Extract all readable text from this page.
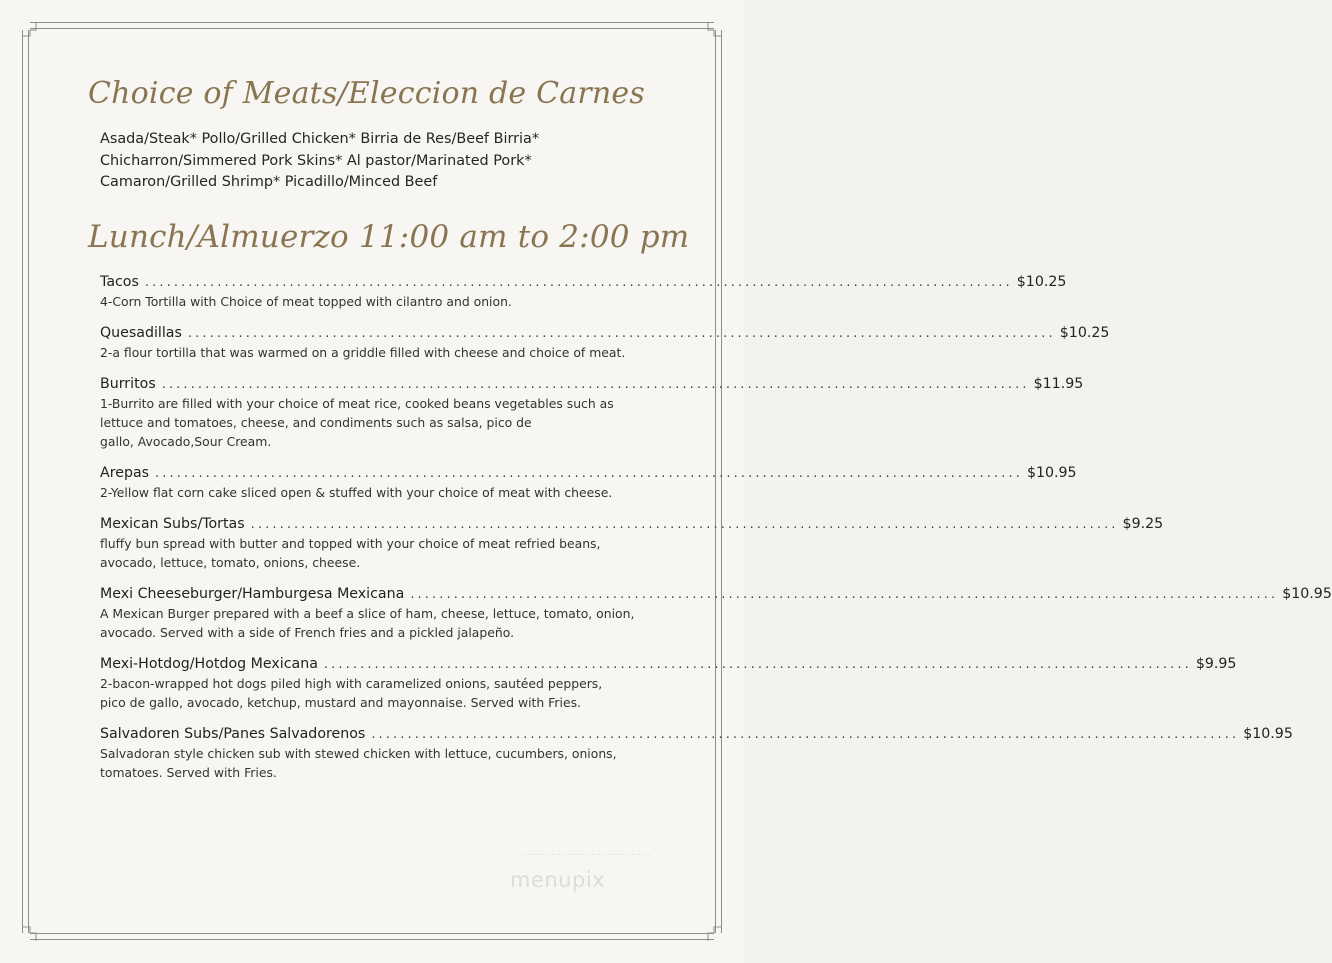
Choice of Meats/Eleccion de Carnes
Asada/Steak* Pollo/Grilled Chicken* Birria de Res/Beef Birria*
Chicharron/Simmered Pork Skins* Al pastor/Marinated Pork*
Camaron/Grilled Shrimp* Picadillo/Minced Beef
Lunch/Almuerzo 11:00 am to 2:00 pm
Tacos ........................................................................................................................ $10.25
4-Corn Tortilla with Choice of meat topped with cilantro and onion.
Quesadillas ........................................................................................................................ $10.25
2-a flour tortilla that was warmed on a griddle filled with cheese and choice of meat.
Burritos ........................................................................................................................ $11.95
1-Burrito are filled with your choice of meat rice, cooked beans vegetables such as
lettuce and tomatoes, cheese, and condiments such as salsa, pico de
gallo, Avocado,Sour Cream.
Arepas ........................................................................................................................ $10.95
2-Yellow flat corn cake sliced open & stuffed with your choice of meat with cheese.
Mexican Subs/Tortas ........................................................................................................................ $9.25
fluffy bun spread with butter and topped with your choice of meat refried beans,
avocado, lettuce, tomato, onions, cheese.
Mexi Cheeseburger/Hamburgesa Mexicana ........................................................................................................................ $10.95
A Mexican Burger prepared with a beef a slice of ham, cheese, lettuce, tomato, onion,
avocado. Served with a side of French fries and a pickled jalapeño.
Mexi-Hotdog/Hotdog Mexicana ........................................................................................................................ $9.95
2-bacon-wrapped hot dogs piled high with caramelized onions, sautéed peppers,
pico de gallo, avocado, ketchup, mustard and mayonnaise. Served with Fries.
Salvadoren Subs/Panes Salvadorenos ........................................................................................................................ $10.95
Salvadoran style chicken sub with stewed chicken with lettuce, cucumbers, onions,
tomatoes. Served with Fries.
menupix
